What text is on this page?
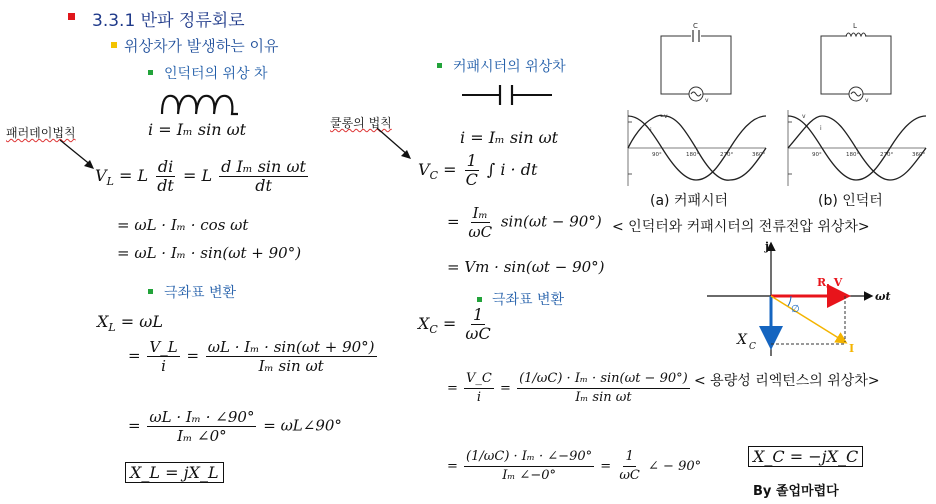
3.3.1 반파 정류회로
위상차가 발생하는 이유
인덕터의 위상 차
패러데이법칙	i = Iₘ sin ωt
$V_L = L \frac{di}{dt} = L \frac{\text{d Iₘ sin ωt}}{dt}$
= ωL · Iₘ · cos ωt
= ωL · Iₘ · sin(ωt + 90°)
극좌표 변환
$X_L = \omega L$
= $\frac{V\_L}{i} = \frac{\text{ωL · Iₘ · sin(ωt + 90°)}}{\text{Iₘ sin ωt}}$
= $\frac{\text{ωL · Iₘ · ∠90°}}{\text{Iₘ ∠0°}}$ = ωL∠90°
X_L = jX_L
커패시터의 위상차
쿨롱의 법칙
i = Iₘ sin ωt
$V_C = \frac{1}{C}$ ∫ i · dt
= $\frac{\text{Iₘ}}{\omega C} \sin(\omega t - 90^\circ)$
= Vm · sin(ωt − 90°)
극좌표 변환
$X_C = \frac{1}{\omega C}$
= $\frac{V\_C}{i} = \frac{\text{(1/ωC) · Iₘ · sin(ωt − 90°)}}{\text{Iₘ sin ωt}}$
= $\frac{\text{(1/ωC) · Iₘ · ∠−90°}}{\text{Iₘ ∠−0°}} = \frac{1}{\omega C}$ ∠ − 90°
C
v
L
v
v
i
90°	180°	270°	360°
v
i
90°	180°	270°	360°
(a) 커패시터	(b) 인덕터
< 인덕터와 커패시터의 전류전압 위상차>
j
R, V
ωt
∅
I
X C
< 용량성 리엑턴스의 위상차>
X_C = −jX_C
By 졸업마렵다
